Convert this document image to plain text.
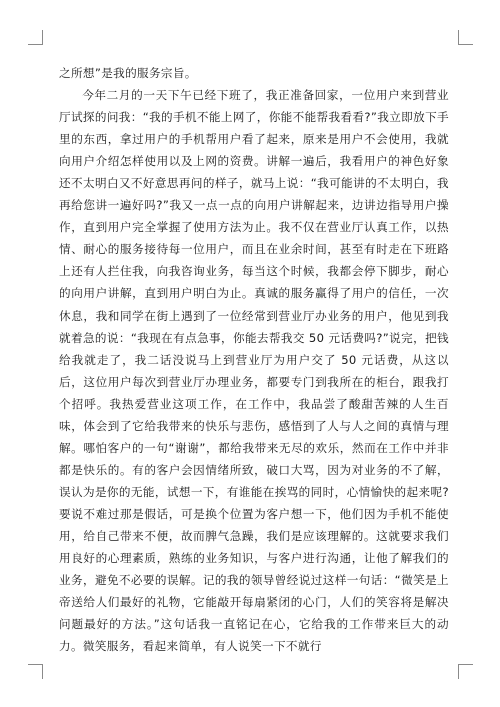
之所想”是我的服务宗旨。

今年二月的一天下午已经下班了，我正准备回家，一位用户来到营业厅试探的问我：“我的手机不能上网了，你能不能帮我看看?”我立即放下手里的东西，拿过用户的手机帮用户看了起来，原来是用户不会使用，我就向用户介绍怎样使用以及上网的资费。讲解一遍后，我看用户的神色好象还不太明白又不好意思再问的样子，就马上说：“我可能讲的不太明白，我再给您讲一遍好吗?”我又一点一点的向用户讲解起来，边讲边指导用户操作，直到用户完全掌握了使用方法为止。我不仅在营业厅认真工作，以热情、耐心的服务接待每一位用户，而且在业余时间，甚至有时走在下班路上还有人拦住我，向我咨询业务，每当这个时候，我都会停下脚步，耐心的向用户讲解，直到用户明白为止。真诚的服务赢得了用户的信任，一次休息，我和同学在街上遇到了一位经常到营业厅办业务的用户，他见到我就着急的说：“我现在有点急事，你能去帮我交 50 元话费吗?”说完，把钱给我就走了，我二话没说马上到营业厅为用户交了 50 元话费，从这以后，这位用户每次到营业厅办理业务，都要专门到我所在的柜台，跟我打个招呼。我热爱营业这项工作，在工作中，我品尝了酸甜苦辣的人生百味，体会到了它给我带来的快乐与悲伤，感悟到了人与人之间的真情与理解。哪怕客户的一句“谢谢”，都给我带来无尽的欢乐，然而在工作中并非都是快乐的。有的客户会因情绪所致，破口大骂，因为对业务的不了解，误认为是你的无能，试想一下，有谁能在挨骂的同时，心情愉快的起来呢?要说不难过那是假话，可是换个位置为客户想一下，他们因为手机不能使用，给自己带来不便，故而脾气急躁，我们是应该理解的。这就要求我们用良好的心理素质，熟练的业务知识，与客户进行沟通，让他了解我们的业务，避免不必要的误解。记的我的领导曾经说过这样一句话：“微笑是上帝送给人们最好的礼物，它能敲开每扇紧闭的心门，人们的笑容将是解决问题最好的方法。”这句话我一直铭记在心，它给我的工作带来巨大的动力。微笑服务，看起来简单，有人说笑一下不就行
